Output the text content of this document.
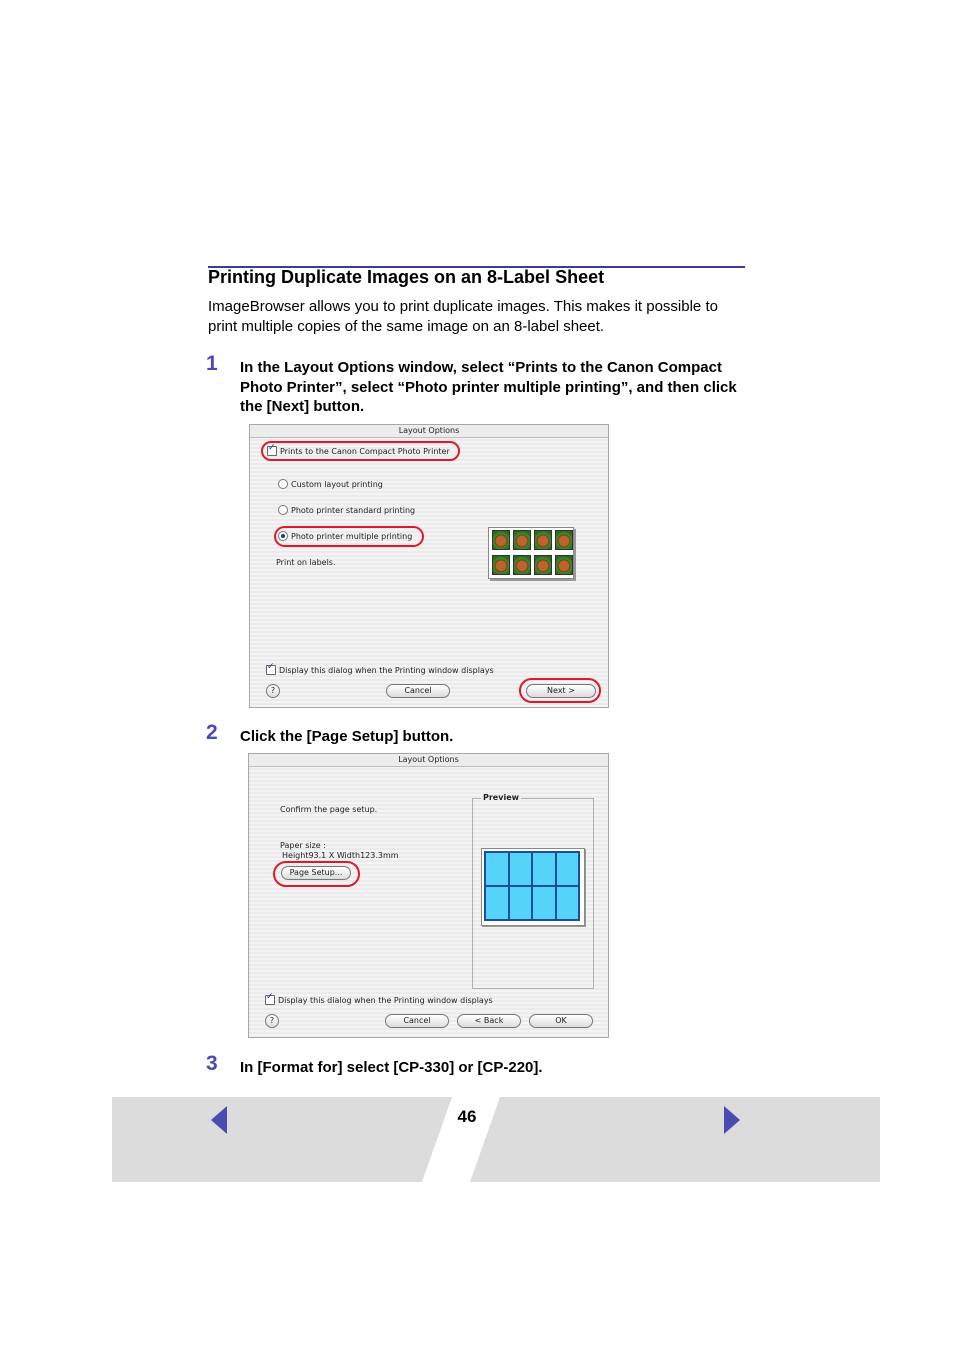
Printing Duplicate Images on an 8-Label Sheet
ImageBrowser allows you to print duplicate images. This makes it possible to print multiple copies of the same image on an 8-label sheet.
1 In the Layout Options window, select “Prints to the Canon Compact Photo Printer”, select “Photo printer multiple printing”, and then click the [Next] button.
Layout Options
✓
Prints to the Canon Compact Photo Printer
Custom layout printing
Photo printer standard printing
Photo printer multiple printing
Print on labels.
✓
Display this dialog when the Printing window displays
?	Cancel	Next >
2 Click the [Page Setup] button.
Layout Options
Confirm the page setup.
Paper size :
Height93.1 X Width123.3mm
Page Setup...
Preview
✓
Display this dialog when the Printing window displays
?	Cancel	< Back	OK
3 In [Format for] select [CP-330] or [CP-220].
46
